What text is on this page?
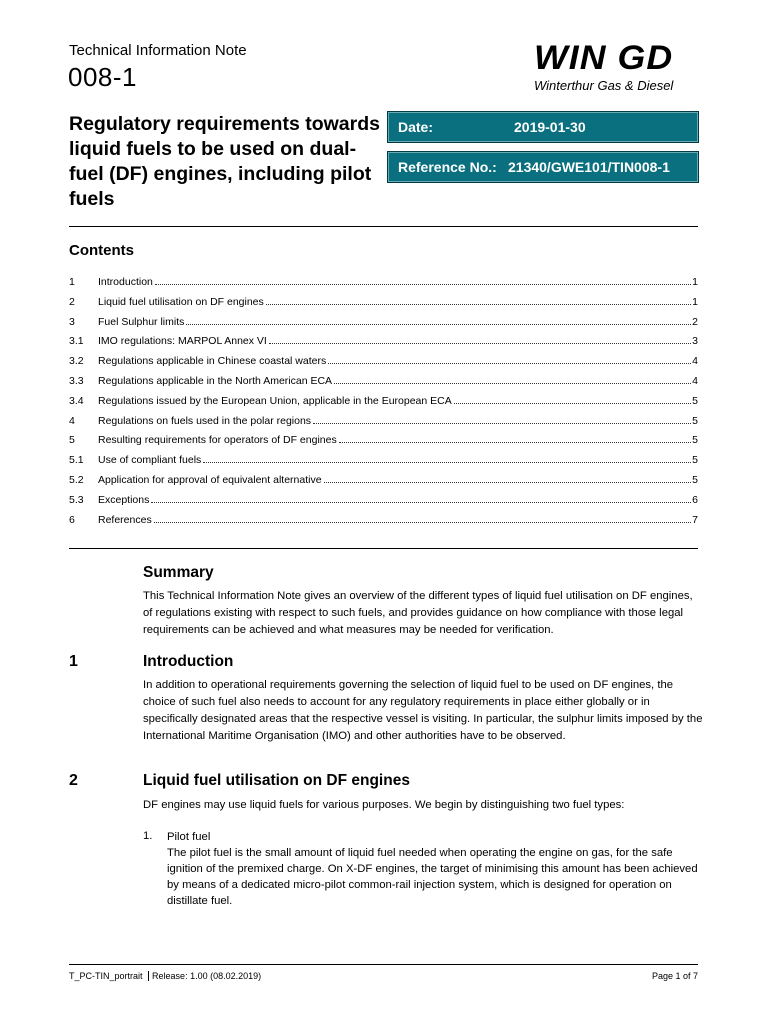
Technical Information Note
008-1	WIN GD
Winterthur Gas & Diesel
Regulatory requirements towards liquid fuels to be used on dual-fuel (DF) engines, including pilot fuels
Date:	2019-01-30
Reference No.: 21340/GWE101/TIN008-1
Contents
1	Introduction	1
2	Liquid fuel utilisation on DF engines	1
3	Fuel Sulphur limits	2
3.1	IMO regulations: MARPOL Annex VI	3
3.2	Regulations applicable in Chinese coastal waters	4
3.3	Regulations applicable in the North American ECA	4
3.4	Regulations issued by the European Union, applicable in the European ECA	5
4	Regulations on fuels used in the polar regions	5
5	Resulting requirements for operators of DF engines	5
5.1	Use of compliant fuels	5
5.2	Application for approval of equivalent alternative	5
5.3	Exceptions	6
6	References	7
Summary
This Technical Information Note gives an overview of the different types of liquid fuel utilisation on DF engines, of regulations existing with respect to such fuels, and provides guidance on how compliance with those legal requirements can be achieved and what measures may be needed for verification.
1	Introduction
In addition to operational requirements governing the selection of liquid fuel to be used on DF engines, the choice of such fuel also needs to account for any regulatory requirements in place either globally or in specifically designated areas that the respective vessel is visiting. In particular, the sulphur limits imposed by the International Maritime Organisation (IMO) and other authorities have to be observed.
2	Liquid fuel utilisation on DF engines
DF engines may use liquid fuels for various purposes. We begin by distinguishing two fuel types:
1. Pilot fuel
The pilot fuel is the small amount of liquid fuel needed when operating the engine on gas, for the safe ignition of the premixed charge. On X-DF engines, the target of minimising this amount has been achieved by means of a dedicated micro-pilot common-rail injection system, which is designed for operation on distillate fuel.
T_PC-TIN_portrait Release: 1.00 (08.02.2019)	Page 1 of 7
